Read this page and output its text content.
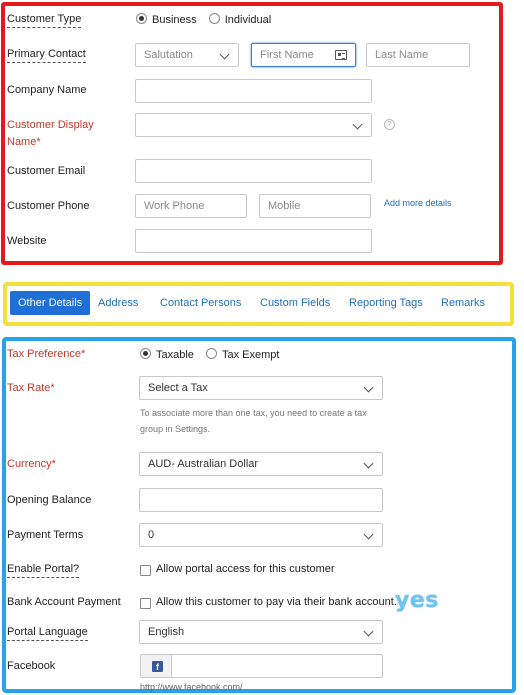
Customer Type	Business	Individual
Primary Contact	Salutation	First Name	Last Name
Company Name
Customer Display Name*
?
Customer Email
Customer Phone	Work Phone	Mobile	Add more details
Website
Other Details	Address Contact Persons Custom Fields Reporting Tags Remarks
Tax Preference*	Taxable	Tax Exempt
Tax Rate*	Select a Tax
To associate more than one tax, you need to create a tax group in Settings.
Currency*	AUD- Australian Dollar
Opening Balance
Payment Terms	0
Enable Portal?	Allow portal access for this customer
Bank Account Payment	Allow this customer to pay via their bank account.
yes
Portal Language	English
Facebook	f
http://www.facebook.com/
